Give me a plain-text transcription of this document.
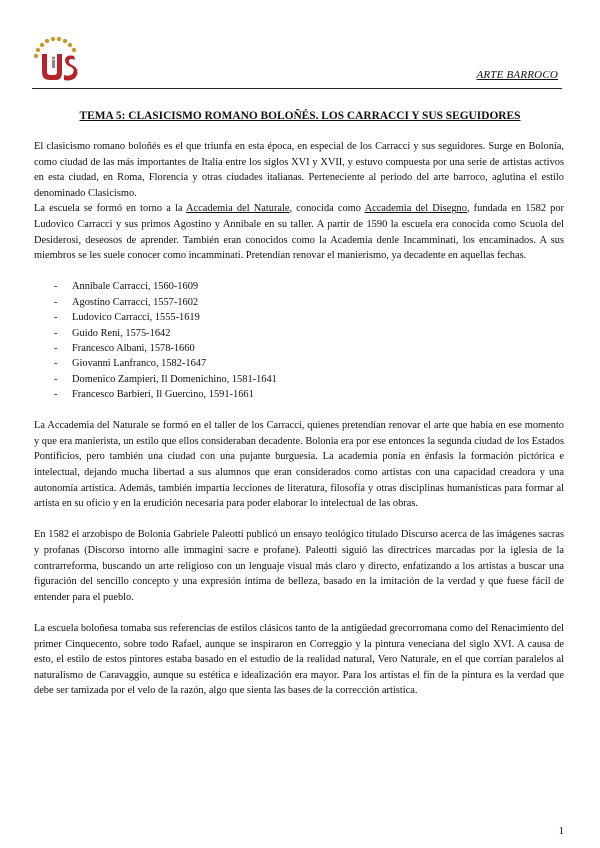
ARTE BARROCO
TEMA 5: CLASICISMO ROMANO BOLOÑÉS. LOS CARRACCI Y SUS SEGUIDORES

El clasicismo romano boloñés es el que triunfa en esta época, en especial de los Carracci y sus seguidores. Surge en Bolonia, como ciudad de las más importantes de Italia entre los siglos XVI y XVII, y estuvo compuesta por una serie de artistas activos en esta ciudad, en Roma, Florencia y otras ciudades italianas. Perteneciente al periodo del arte barroco, aglutina el estilo denominado Clasicismo.

La escuela se formó en torno a la Accademia del Naturale, conocida como Accademia del Disegno, fundada en 1582 por Ludovico Carracci y sus primos Agostino y Annibale en su taller. A partir de 1590 la escuela era conocida como Scuola del Desiderosi, deseosos de aprender. También eran conocidos como la Academia denle Incamminati, los encaminados. A sus miembros se les suele conocer como incamminati. Pretendían renovar el manierismo, ya decadente en aquellas fechas.

- Annibale Carracci, 1560-1609
- Agostino Carracci, 1557-1602
- Ludovico Carracci, 1555-1619
- Guido Reni, 1575-1642
- Francesco Albani, 1578-1660
- Giovanni Lanfranco, 1582-1647
- Domenico Zampieri, Il Domenichino, 1581-1641
- Francesco Barbieri, Il Guercino, 1591-1661

La Accademia del Naturale se formó en el taller de los Carracci, quienes pretendían renovar el arte que había en ese momento y que era manierista, un estilo que ellos consideraban decadente. Bolonia era por ese entonces la segunda ciudad de los Estados Pontificios, pero también una ciudad con una pujante burguesía. La academia ponía en énfasis la formación pictórica e intelectual, dejando mucha libertad a sus alumnos que eran considerados como artistas con una capacidad creadora y una autonomía artística. Además, también impartía lecciones de literatura, filosofía y otras disciplinas humanísticas para formar al artista en su oficio y en la erudición necesaria para poder elaborar lo intelectual de las obras.

En 1582 el arzobispo de Bolonia Gabriele Paleotti publicó un ensayo teológico titulado Discurso acerca de las imágenes sacras y profanas (Discorso intorno alle immagini sacre e profane). Paleotti siguió las directrices marcadas por la iglesia de la contrarreforma, buscando un arte religioso con un lenguaje visual más claro y directo, enfatizando a los artistas a buscar una figuración del sencillo concepto y una expresión íntima de belleza, basado en la imitación de la verdad y que fuese fácil de entender para el pueblo.

La escuela boloñesa tomaba sus referencias de estilos clásicos tanto de la antigüedad grecorromana como del Renacimiento del primer Cinquecento, sobre todo Rafael, aunque se inspiraron en Correggio y la pintura veneciana del siglo XVI. A causa de esto, el estilo de estos pintores estaba basado en el estudio de la realidad natural, Vero Naturale, en el que corrían paralelos al naturalismo de Caravaggio, aunque su estética e idealización era mayor. Para los artistas el fin de la pintura es la verdad que debe ser tamizada por el velo de la razón, algo que sienta las bases de la corrección artística.

1
